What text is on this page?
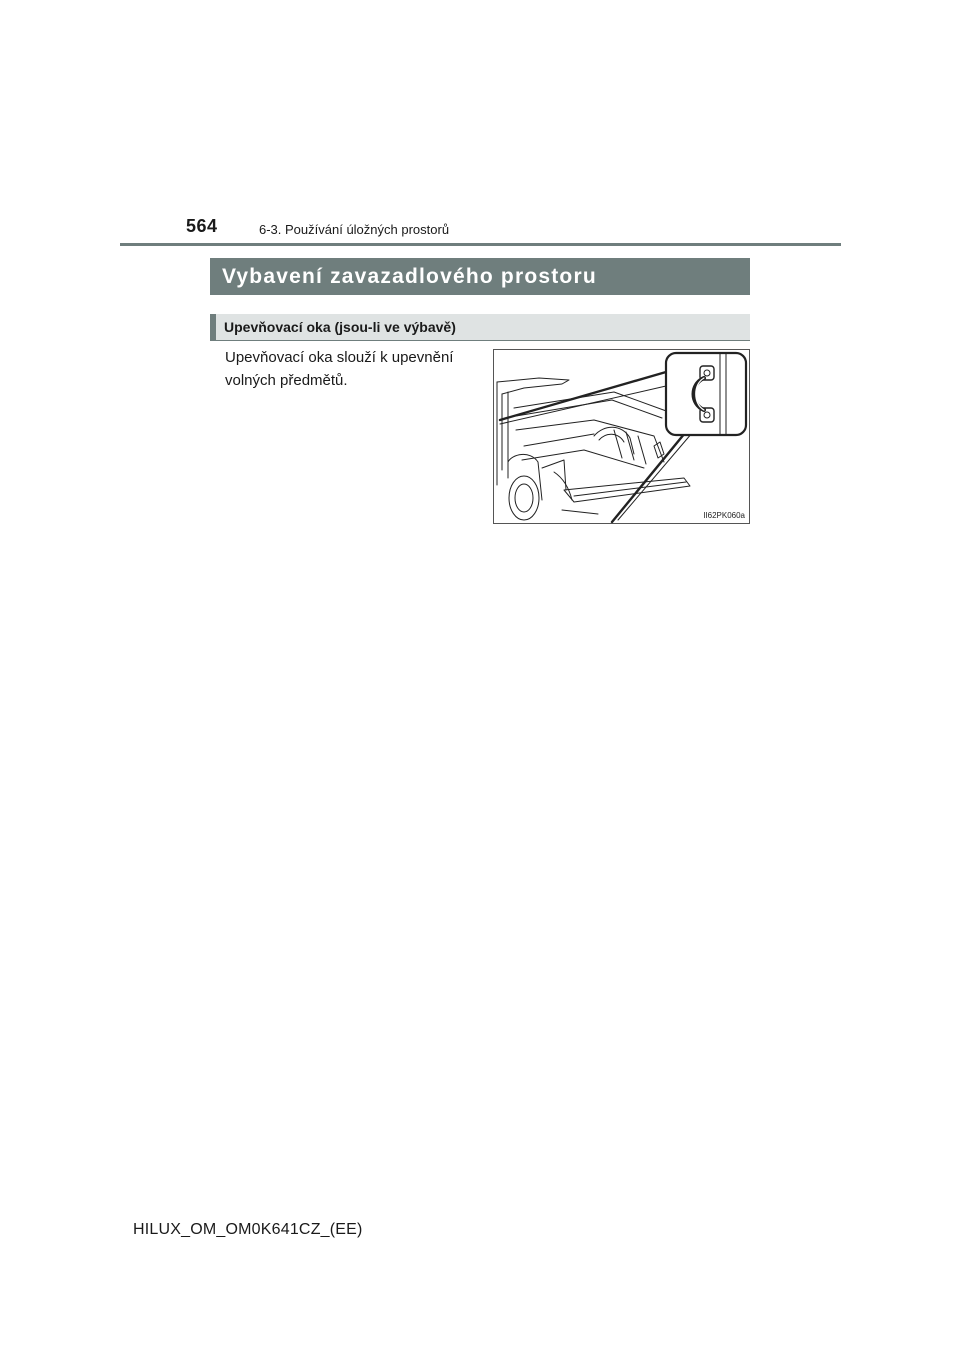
564	6-3. Používání úložných prostorů
Vybavení zavazadlového prostoru
Upevňovací oka (jsou-li ve výbavě)
Upevňovací oka slouží k upevnění volných předmětů.
II62PK060a
HILUX_OM_OM0K641CZ_(EE)
